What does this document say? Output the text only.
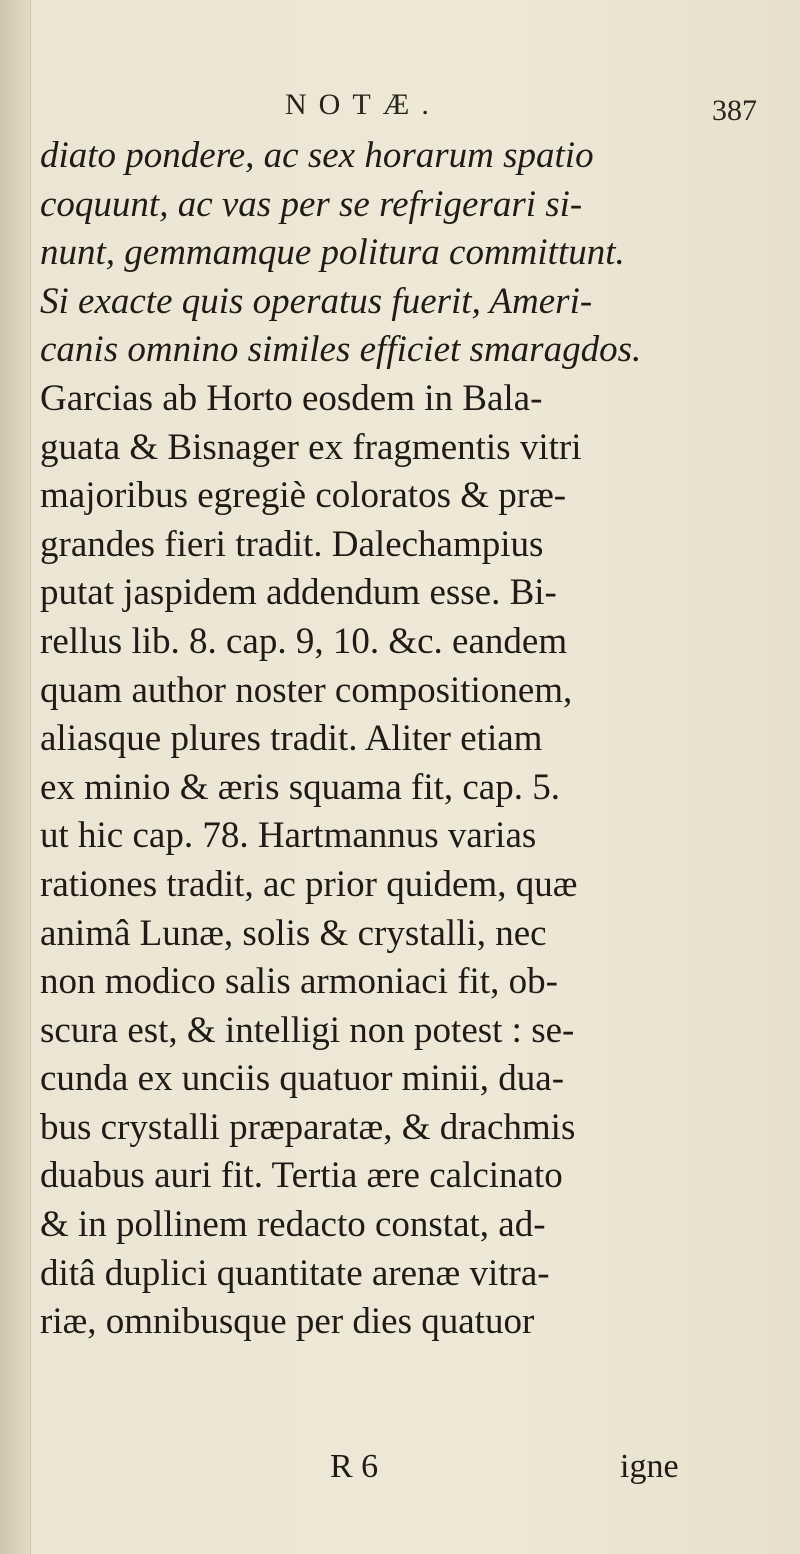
NOTÆ.	387
diato pondere, ac sex horarum spatio
coquunt, ac vas per se refrigerari si-
nunt, gemmamque politura committunt.
Si exacte quis operatus fuerit, Ameri-
canis omnino similes efficiet smaragdos.
Garcias ab Horto eosdem in Bala-
guata & Bisnager ex fragmentis vitri
majoribus egregiè coloratos & præ-
grandes fieri tradit. Dalechampius
putat jaspidem addendum esse. Bi-
rellus lib. 8. cap. 9, 10. &c. eandem
quam author noster compositionem,
aliasque plures tradit. Aliter etiam
ex minio & æris squama fit, cap. 5.
ut hic cap. 78. Hartmannus varias
rationes tradit, ac prior quidem, quæ
animâ Lunæ, solis & crystalli, nec
non modico salis armoniaci fit, ob-
scura est, & intelligi non potest : se-
cunda ex unciis quatuor minii, dua-
bus crystalli præparatæ, & drachmis
duabus auri fit. Tertia ære calcinato
& in pollinem redacto constat, ad-
ditâ duplici quantitate arenæ vitra-
riæ, omnibusque per dies quatuor
R 6	igne
